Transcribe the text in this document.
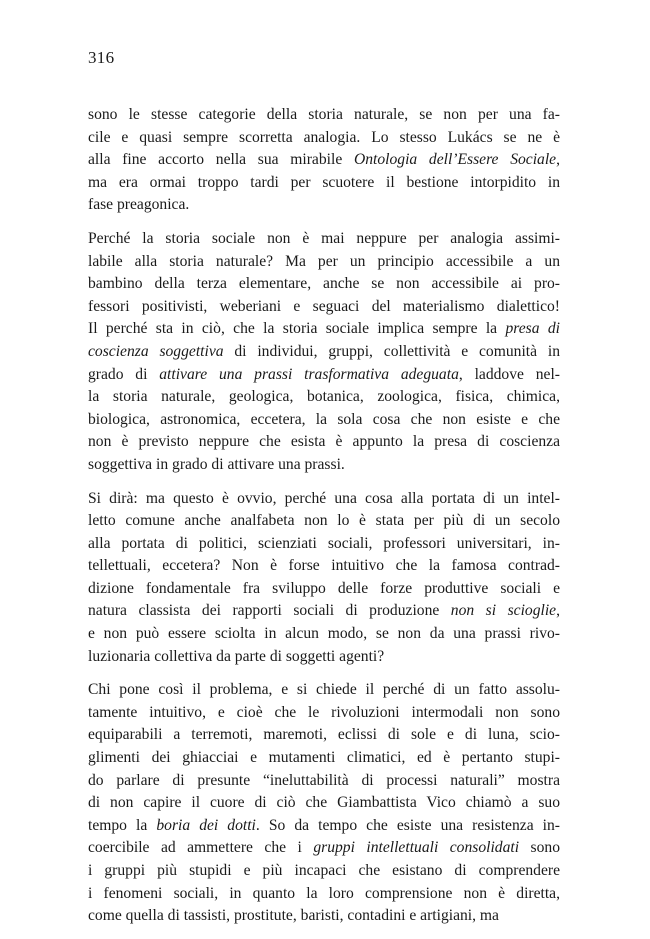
316

sono le stesse categorie della storia naturale, se non per una fa-
cile e quasi sempre scorretta analogia. Lo stesso Lukács se ne è
alla fine accorto nella sua mirabile Ontologia dell’Essere Sociale,
ma era ormai troppo tardi per scuotere il bestione intorpidito in
fase preagonica.

Perché la storia sociale non è mai neppure per analogia assimi-
labile alla storia naturale? Ma per un principio accessibile a un
bambino della terza elementare, anche se non accessibile ai pro-
fessori positivisti, weberiani e seguaci del materialismo dialettico!
Il perché sta in ciò, che la storia sociale implica sempre la presa di
coscienza soggettiva di individui, gruppi, collettività e comunità in
grado di attivare una prassi trasformativa adeguata, laddove nel-
la storia naturale, geologica, botanica, zoologica, fisica, chimica,
biologica, astronomica, eccetera, la sola cosa che non esiste e che
non è previsto neppure che esista è appunto la presa di coscienza
soggettiva in grado di attivare una prassi.

Si dirà: ma questo è ovvio, perché una cosa alla portata di un intel-
letto comune anche analfabeta non lo è stata per più di un secolo
alla portata di politici, scienziati sociali, professori universitari, in-
tellettuali, eccetera? Non è forse intuitivo che la famosa contrad-
dizione fondamentale fra sviluppo delle forze produttive sociali e
natura classista dei rapporti sociali di produzione non si scioglie,
e non può essere sciolta in alcun modo, se non da una prassi rivo-
luzionaria collettiva da parte di soggetti agenti?

Chi pone così il problema, e si chiede il perché di un fatto assolu-
tamente intuitivo, e cioè che le rivoluzioni intermodali non sono
equiparabili a terremoti, maremoti, eclissi di sole e di luna, scio-
glimenti dei ghiacciai e mutamenti climatici, ed è pertanto stupi-
do parlare di presunte “ineluttabilità di processi naturali” mostra
di non capire il cuore di ciò che Giambattista Vico chiamò a suo
tempo la boria dei dotti. So da tempo che esiste una resistenza in-
coercibile ad ammettere che i gruppi intellettuali consolidati sono
i gruppi più stupidi e più incapaci che esistano di comprendere
i fenomeni sociali, in quanto la loro comprensione non è diretta,
come quella di tassisti, prostitute, baristi, contadini e artigiani, ma
